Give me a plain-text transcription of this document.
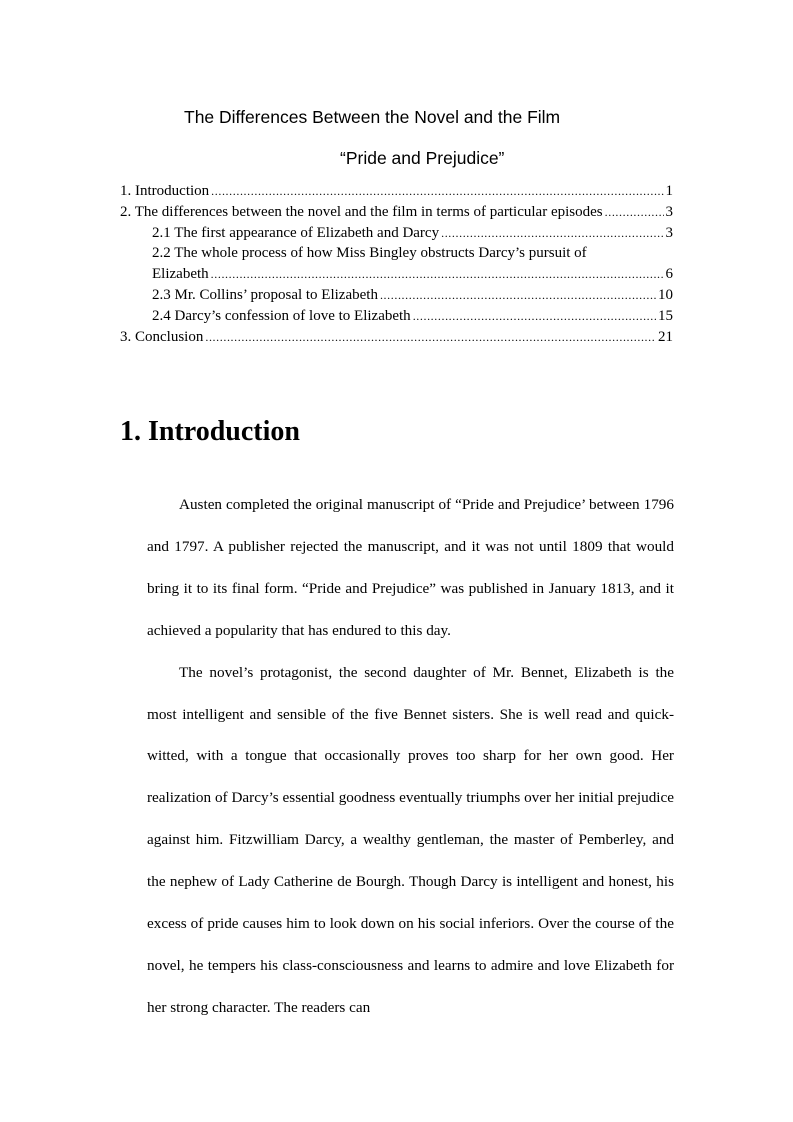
The Differences Between the Novel and the Film
“Pride and Prejudice”
1. Introduction .....	1
2. The differences between the novel and the film in terms of particular episodes .....	3
2.1 The first appearance of Elizabeth and Darcy .....	3
2.2 The whole process of how Miss Bingley obstructs Darcy’s pursuit of
Elizabeth .....	6
2.3 Mr. Collins’ proposal to Elizabeth .....	10
2.4 Darcy’s confession of love to Elizabeth .....	15
3. Conclusion .....	21
1. Introduction

Austen completed the original manuscript of “Pride and Prejudice’ between 1796 and 1797. A publisher rejected the manuscript, and it was not until 1809 that would bring it to its final form. “Pride and Prejudice” was published in January 1813, and it achieved a popularity that has endured to this day.

The novel’s protagonist, the second daughter of Mr. Bennet, Elizabeth is the most intelligent and sensible of the five Bennet sisters. She is well read and quick-witted, with a tongue that occasionally proves too sharp for her own good. Her realization of Darcy’s essential goodness eventually triumphs over her initial prejudice against him. Fitzwilliam Darcy, a wealthy gentleman, the master of Pemberley, and the nephew of Lady Catherine de Bourgh. Though Darcy is intelligent and honest, his excess of pride causes him to look down on his social inferiors. Over the course of the novel, he tempers his class-consciousness and learns to admire and love Elizabeth for her strong character. The readers can
